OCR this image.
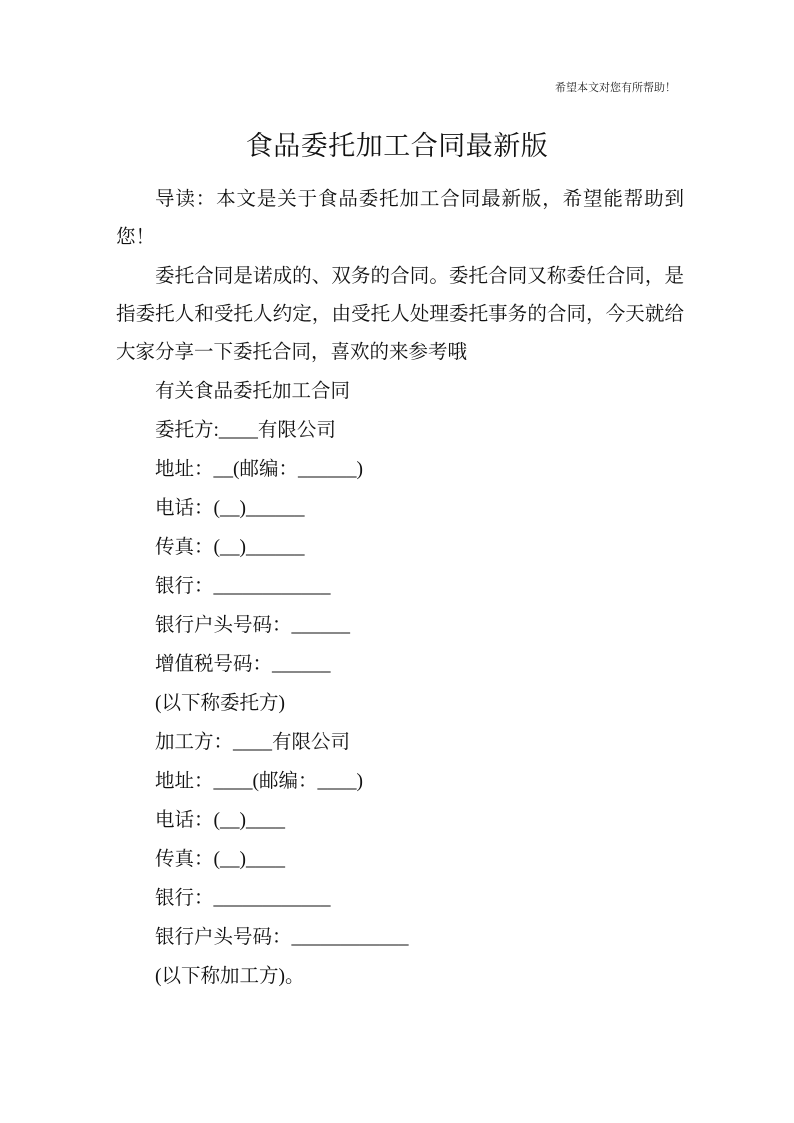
希望本文对您有所帮助！
食品委托加工合同最新版

导读：本文是关于食品委托加工合同最新版，希望能帮助到您！

委托合同是诺成的、双务的合同。委托合同又称委任合同，是指委托人和受托人约定，由受托人处理委托事务的合同，今天就给大家分享一下委托合同，喜欢的来参考哦

有关食品委托加工合同

委托方:____有限公司

地址：__(邮编：______)

电话：(__)______

传真：(__)______

银行：____________

银行户头号码：______

增值税号码：______

(以下称委托方)

加工方：____有限公司

地址：____(邮编：____)

电话：(__)____

传真：(__)____

银行：____________

银行户头号码：____________

(以下称加工方)。
